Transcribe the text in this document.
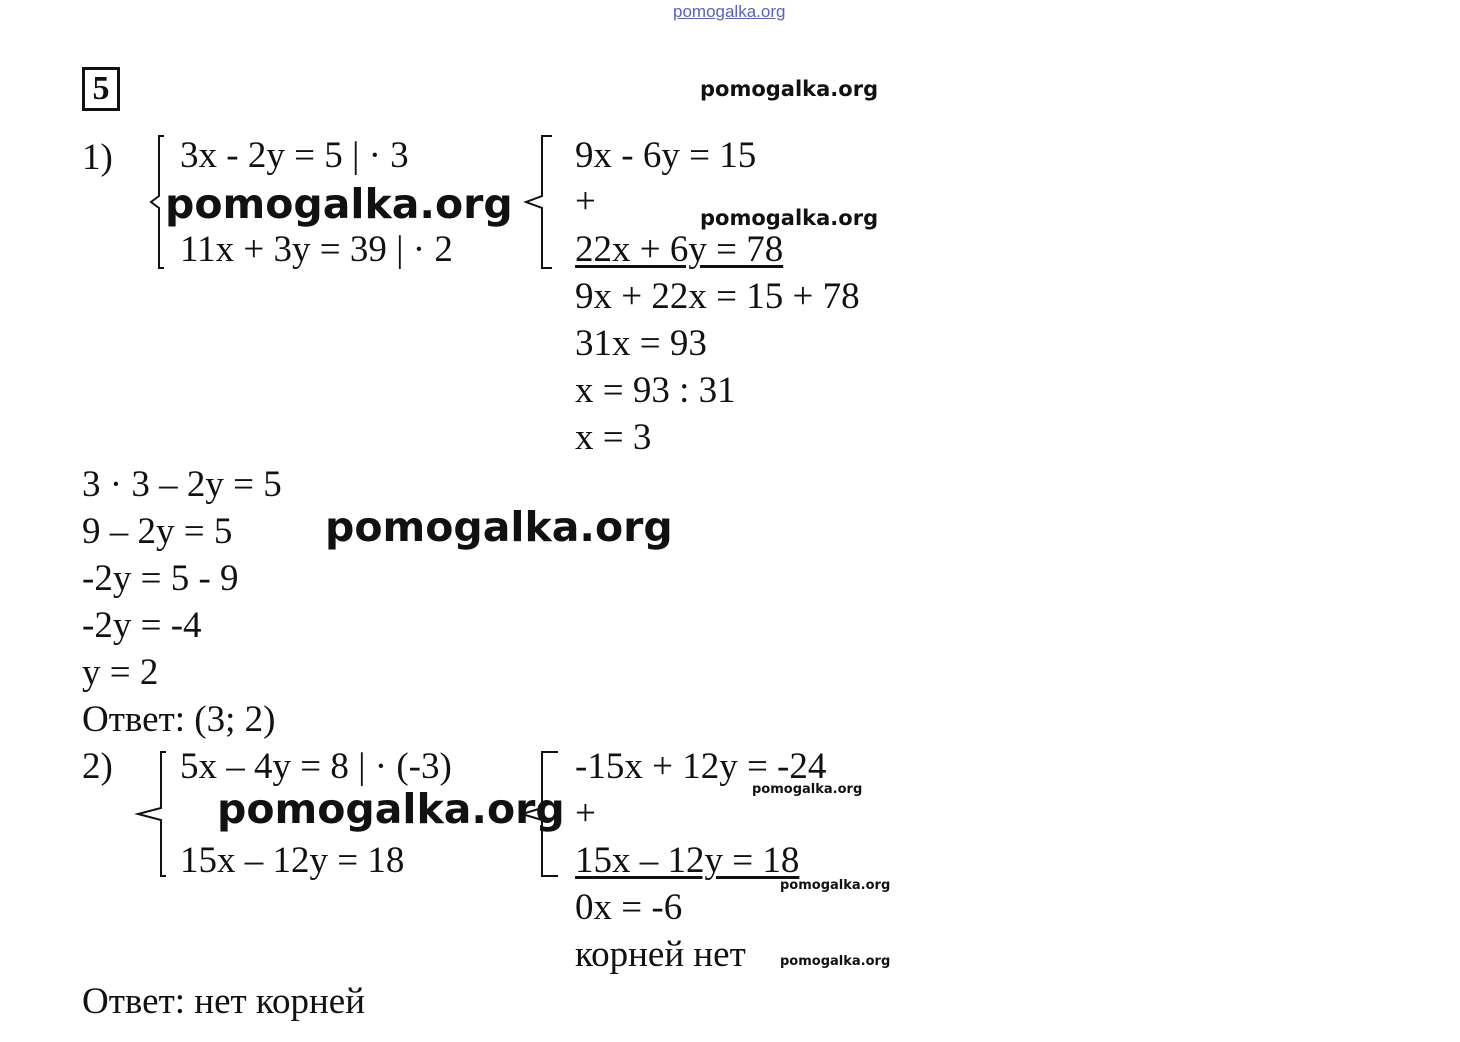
pomogalka.org
5	pomogalka.org
1) 3x - 2y = 5 | · 3
11x + 3y = 39 | · 2
pomogalka.org
9x - 6y = 15
+
22x + 6y = 78
pomogalka.org
9x + 22x = 15 + 78
31x = 93
x = 93 : 31
x = 3
3 · 3 – 2y = 5
9 – 2y = 5
-2y = 5 - 9
-2y = -4
y = 2
Ответ: (3; 2)
pomogalka.org
2) 5x – 4y = 8 | · (-3)
15x – 12y = 18
pomogalka.org
-15x + 12y = -24
+
15x – 12y = 18
pomogalka.org
pomogalka.org
0x = -6
корней нет	pomogalka.org
Ответ: нет корней
